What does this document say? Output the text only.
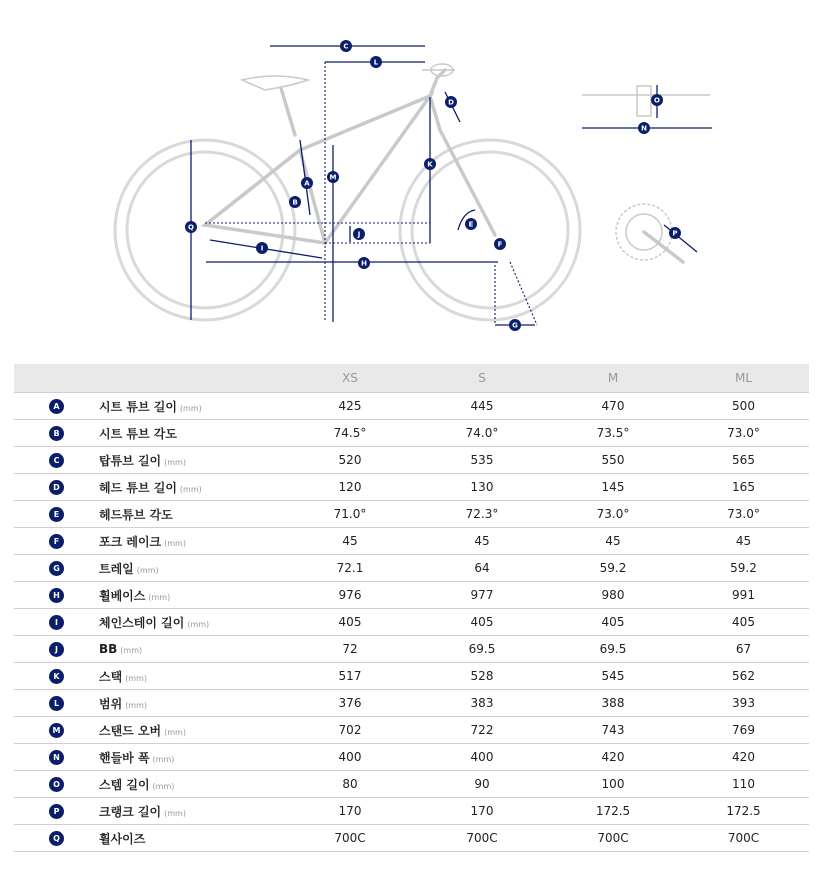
C
L
D
M
A
B
K
Q
J
E
F
I
H
G
O
N
P
		XS	S	M	ML
A	시트 튜브 길이 (mm)	425	445	470	500
B	시트 튜브 각도	74.5°	74.0°	73.5°	73.0°
C	탑튜브 길이 (mm)	520	535	550	565
D	헤드 튜브 길이 (mm)	120	130	145	165
E	헤드튜브 각도	71.0°	72.3°	73.0°	73.0°
F	포크 레이크 (mm)	45	45	45	45
G	트레일 (mm)	72.1	64	59.2	59.2
H	휠베이스 (mm)	976	977	980	991
I	체인스테이 길이 (mm)	405	405	405	405
J	BB (mm)	72	69.5	69.5	67
K	스택 (mm)	517	528	545	562
L	범위 (mm)	376	383	388	393
M	스탠드 오버 (mm)	702	722	743	769
N	핸들바 폭 (mm)	400	400	420	420
O	스템 길이 (mm)	80	90	100	110
P	크랭크 길이 (mm)	170	170	172.5	172.5
Q	휠사이즈	700C	700C	700C	700C
